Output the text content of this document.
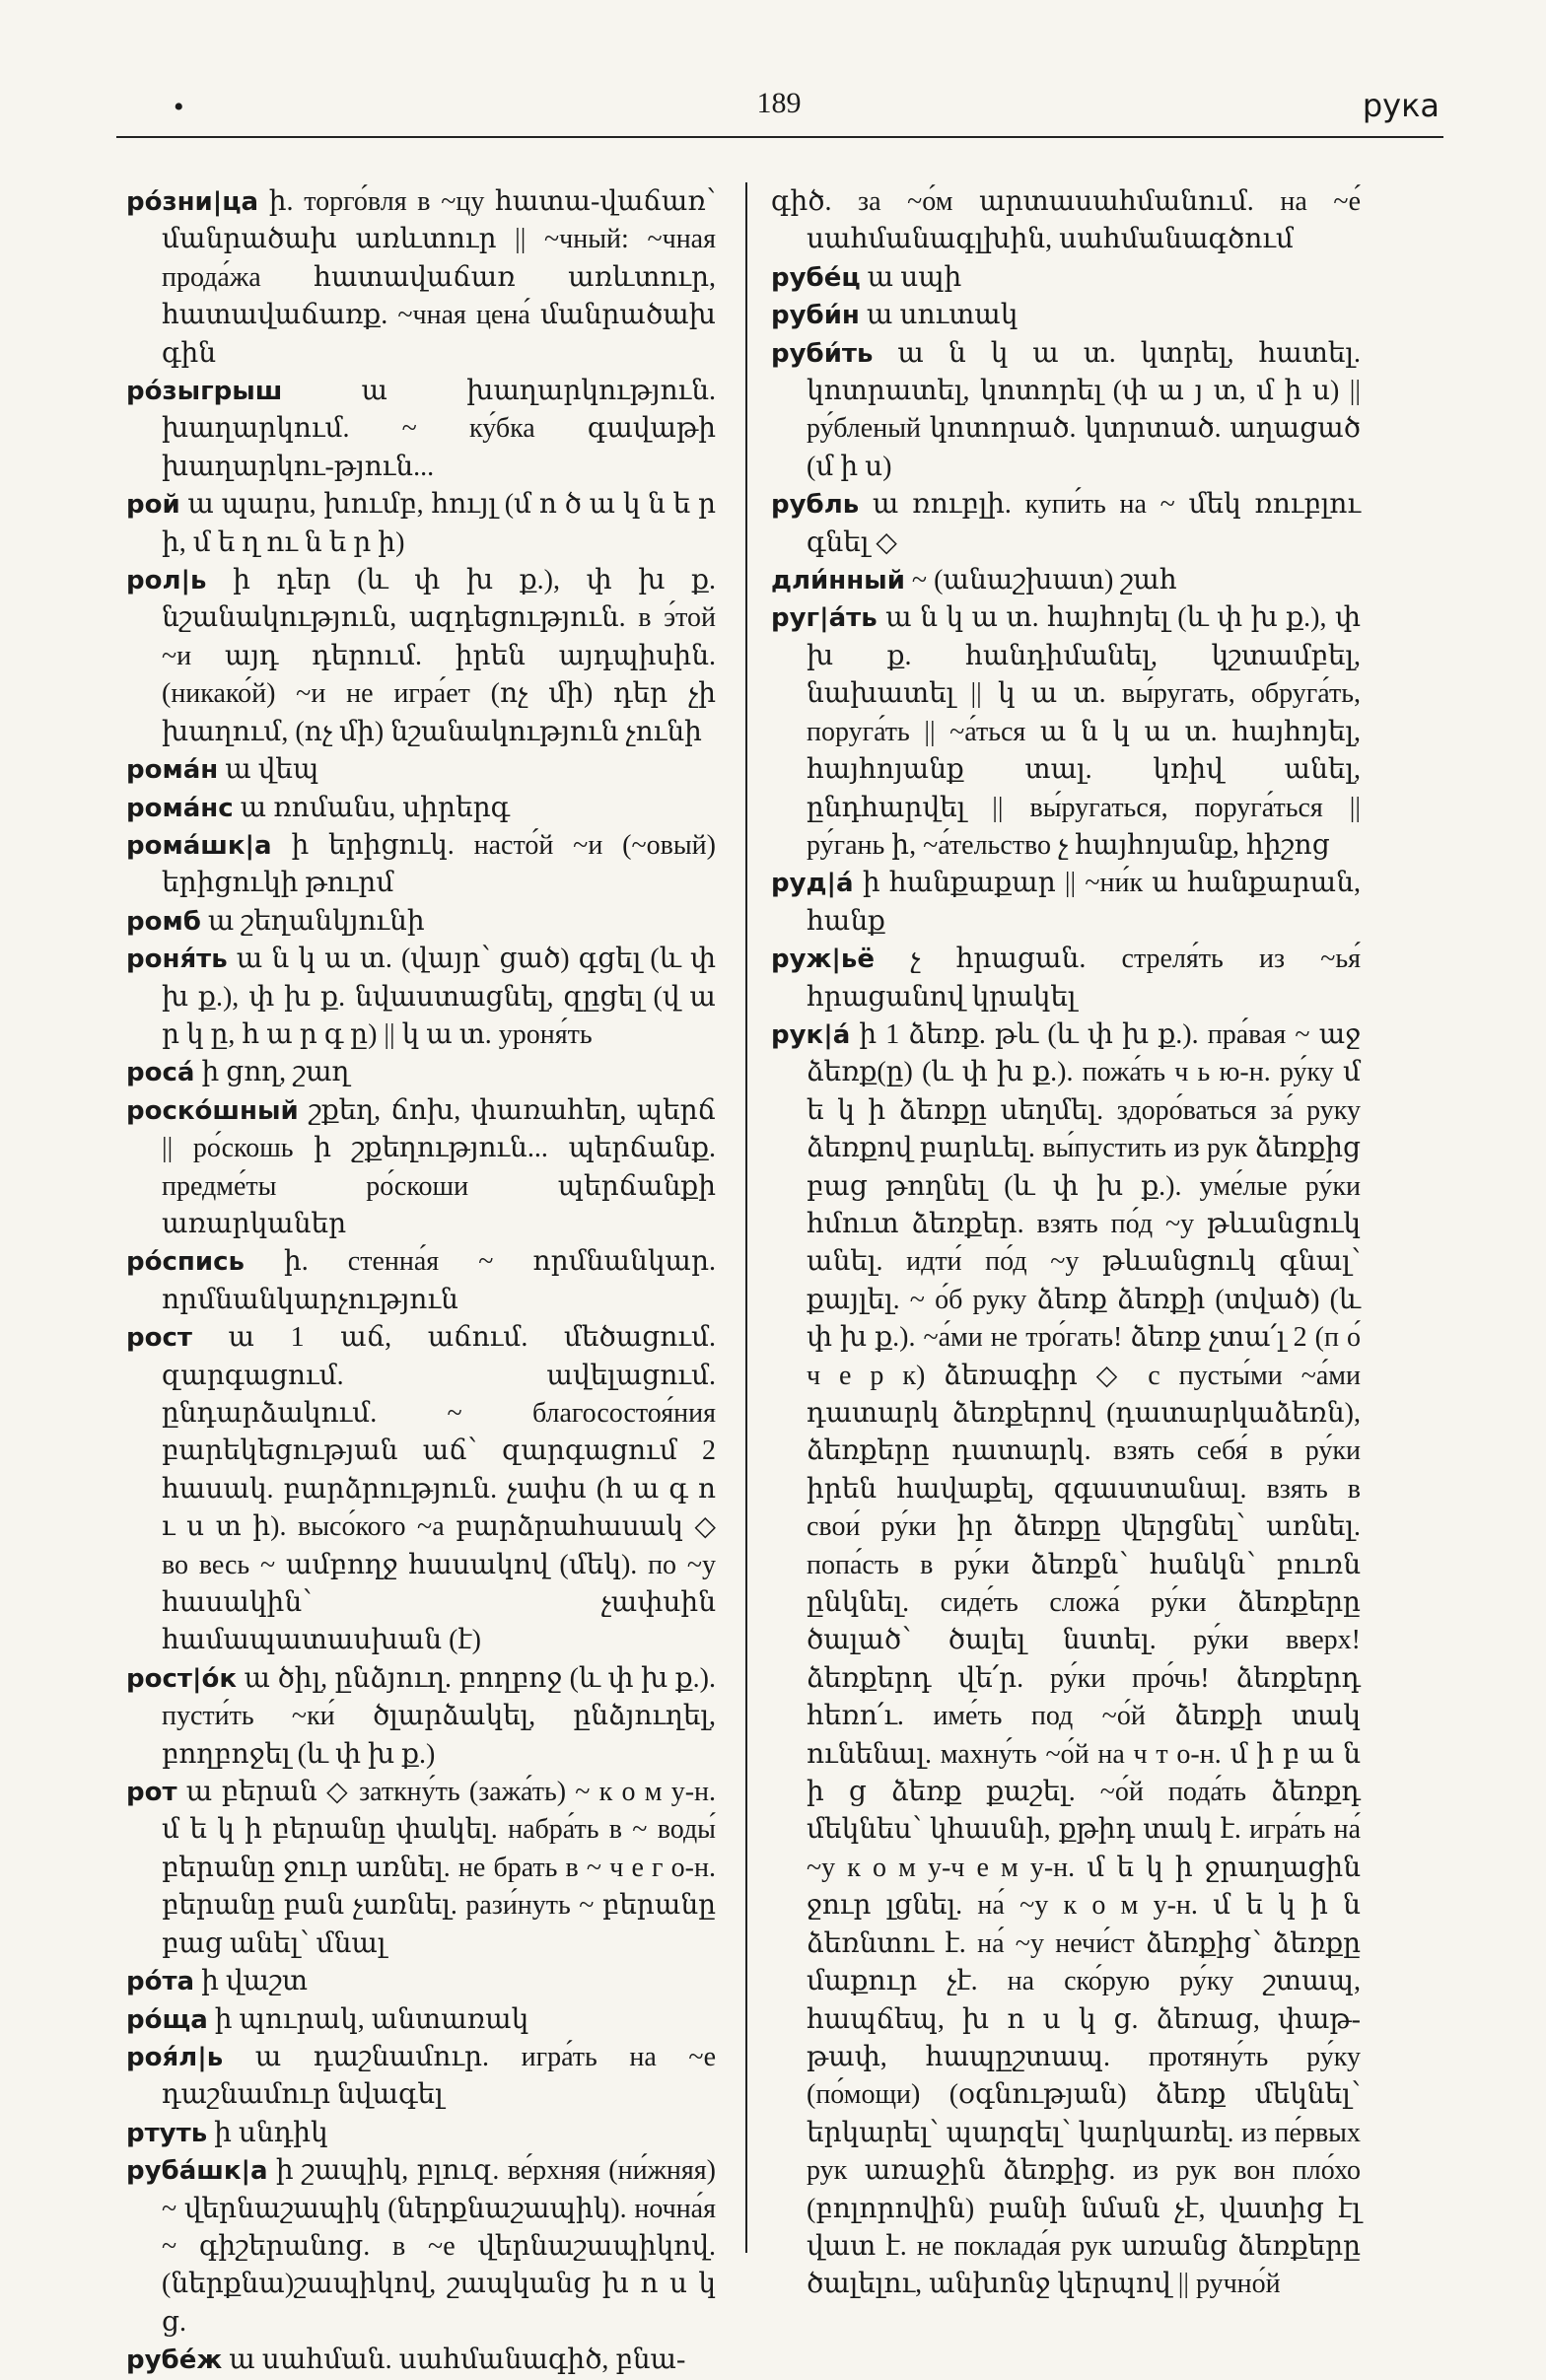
•	189	рука

ро́зни|ца ի. торго́вля в ~цу հատա-վաճառ՝ մանրածախ առևտուր || ~чный: ~чная прода́жа հատավաճառ առևտուր, հատավաճառք. ~чная цена́ մանրածախ գին

ро́зыгрыш ա խաղարկություն. խաղարկում. ~ ку́бка գավաթի խաղարկու-թյուն...

рой ա պարս, խումբ, հույլ (մ ո ծ ա կ ն ե ր ի, մ ե ղ ու ն ե ր ի)

рол|ь ի դեր (և փ խ ք.), փ խ ք. նշանակություն, ազդեցություն. в э́той ~и այդ դերում. իրեն այդպիսին. (никако́й) ~и не игра́ет (ոչ մի) դեր չի խաղում, (ոչ մի) նշանակություն չունի

рома́н ա վեպ

рома́нс ա ռոմանս, սիրերգ

рома́шк|а ի երիցուկ. насто́й ~и (~овый) երիցուկի թուրմ

ромб ա շեղանկյունի

роня́ть ա ն կ ա տ. (վայր՝ ցած) գցել (և փ խ ք.), փ խ ք. նվաստացնել, զըցել (վ ա ր կ ը, հ ա ր գ ը) || կ ա տ. уроня́ть

роса́ ի ցող, շաղ

роско́шный շքեղ, ճոխ, փառահեղ, պերճ || ро́скошь ի շքեղություն... պերճանք. предме́ты ро́скоши պերճանքի առարկաներ

ро́спись ի. стенна́я ~ որմնանկար. որմնանկարչություն

рост ա 1 աճ, աճում. մեծացում. զարգացում. ավելացում. ընդարձակում. ~ благосостоя́ния բարեկեցության աճ՝ զարգացում 2 հասակ. բարձրություն. չափս (հ ա գ ո ւ ս տ ի). высо́кого ~а բարձրահասակ ◇ во весь ~ ամբողջ հասակով (մեկ). по ~у հասակին՝ չափսին համապատասխան (է)

рост|о́к ա ծիլ, ընձյուղ. բողբոջ (և փ խ ք.). пусти́ть ~ки́ ծլարձակել, ընձյուղել, բողբոջել (և փ խ ք.)

рот ա բերան ◇ заткну́ть (зажа́ть) ~ к о м у-н. մ ե կ ի բերանը փակել. набра́ть в ~ воды́ բերանը ջուր առնել. не брать в ~ ч е г о-н. բերանը բան չառնել. рази́нуть ~ բերանը բաց անել՝ մնալ

ро́та ի վաշտ

ро́ща ի պուրակ, անտառակ

роя́л|ь ա դաշնամուր. игра́ть на ~е դաշնամուր նվագել

ртуть ի սնդիկ

руба́шк|а ի շապիկ, բլուզ. ве́рхняя (ни́жняя) ~ վերնաշապիկ (ներքնաշապիկ). ночна́я ~ գիշերանոց. в ~е վերնաշապիկով. (ներքնա)շապիկով, շապկանց խ ո ս կ ց.

рубе́ж ա սահման. սահմանագիծ, բնա-

գիծ. за ~о́м արտասահմանում. на ~е́ սահմանագլխին, սահմանագծում

рубе́ц ա սպի

руби́н ա սուտակ

руби́ть ա ն կ ա տ. կտրել, հատել. կոտրատել, կոտորել (փ ա յ տ, մ ի ս) || ру́бленый կոտորած. կտրտած. աղացած (մ ի ս)

рубль ա ռուբլի. купи́ть на ~ մեկ ռուբլու գնել ◇

дли́нный ~ (անաշխատ) շահ

руг|а́ть ա ն կ ա տ. հայհոյել (և փ խ ք.), փ խ ք. հանդիմանել, կշտամբել, նախատել || կ ա տ. вы́ругать, обруга́ть, поруга́ть || ~а́ться ա ն կ ա տ. հայհոյել, հայհոյանք տալ. կռիվ անել, ընդհարվել || вы́ругаться, поруга́ться || ру́гань ի, ~а́тельство չ հայհոյանք, հիշոց

руд|а́ ի հանքաքար || ~ни́к ա հանքարան, հանք

руж|ьё չ հրացան. стреля́ть из ~ья́ հրացանով կրակել

рук|а́ ի 1 ձեռք. թև (և փ խ ք.). пра́вая ~ աջ ձեռք(ը) (և փ խ ք.). пожа́ть ч ь ю-н. ру́ку մ ե կ ի ձեռքը սեղմել. здоро́ваться за́ руку ձեռքով բարևել. вы́пустить из рук ձեռքից բաց թողնել (և փ խ ք.). уме́лые ру́ки հմուտ ձեռքեր. взять по́д ~у թևանցուկ անել. идти́ по́д ~у թևանցուկ գնալ՝ քայլել. ~ о́б руку ձեռք ձեռքի (տված) (և փ խ ք.). ~а́ми не тро́гать! ձեռք չտա՛լ 2 (п о́ ч е р к) ձեռագիր ◇ с пусты́ми ~а́ми դատարկ ձեռքերով (դատարկաձեռն), ձեռքերը դատարկ. взять себя́ в ру́ки իրեն հավաքել, զգաստանալ. взять в свои́ ру́ки իր ձեռքը վերցնել՝ առնել. попа́сть в ру́ки ձեռքն՝ հանկն՝ բուռն ընկնել. сиде́ть сложа́ ру́ки ձեռքերը ծալած՝ ծալել նստել. ру́ки вверх! ձեռքերդ վե՛ր. ру́ки про́чь! ձեռքերդ հեռո՛ւ. име́ть под ~о́й ձեռքի տակ ունենալ. махну́ть ~о́й на ч т о-н. մ ի բ ա ն ի ց ձեռք քաշել. ~о́й пода́ть ձեռքդ մեկնես՝ կհասնի, քթիդ տակ է. игра́ть на́ ~у к о м у-ч е м у-н. մ ե կ ի ջրաղացին ջուր լցնել. на́ ~у к о м у-н. մ ե կ ի ն ձեռնտու է. на́ ~у нечи́ст ձեռքից՝ ձեռքը մաքուր չէ. на ско́рую ру́ку շտապ, հապճեպ, խ ո ս կ ց. ձեռաց, փաթ-թափ, հապըշտապ. протяну́ть ру́ку (по́мощи) (օգնության) ձեռք մեկնել՝ երկարել՝ պարզել՝ կարկառել. из пе́рвых рук առաջին ձեռքից. из рук вон пло́хо (բոլորովին) բանի նման չէ, վատից էլ վատ է. не поклада́я рук առանց ձեռքերը ծալելու, անխոնջ կերպով || ручно́й
